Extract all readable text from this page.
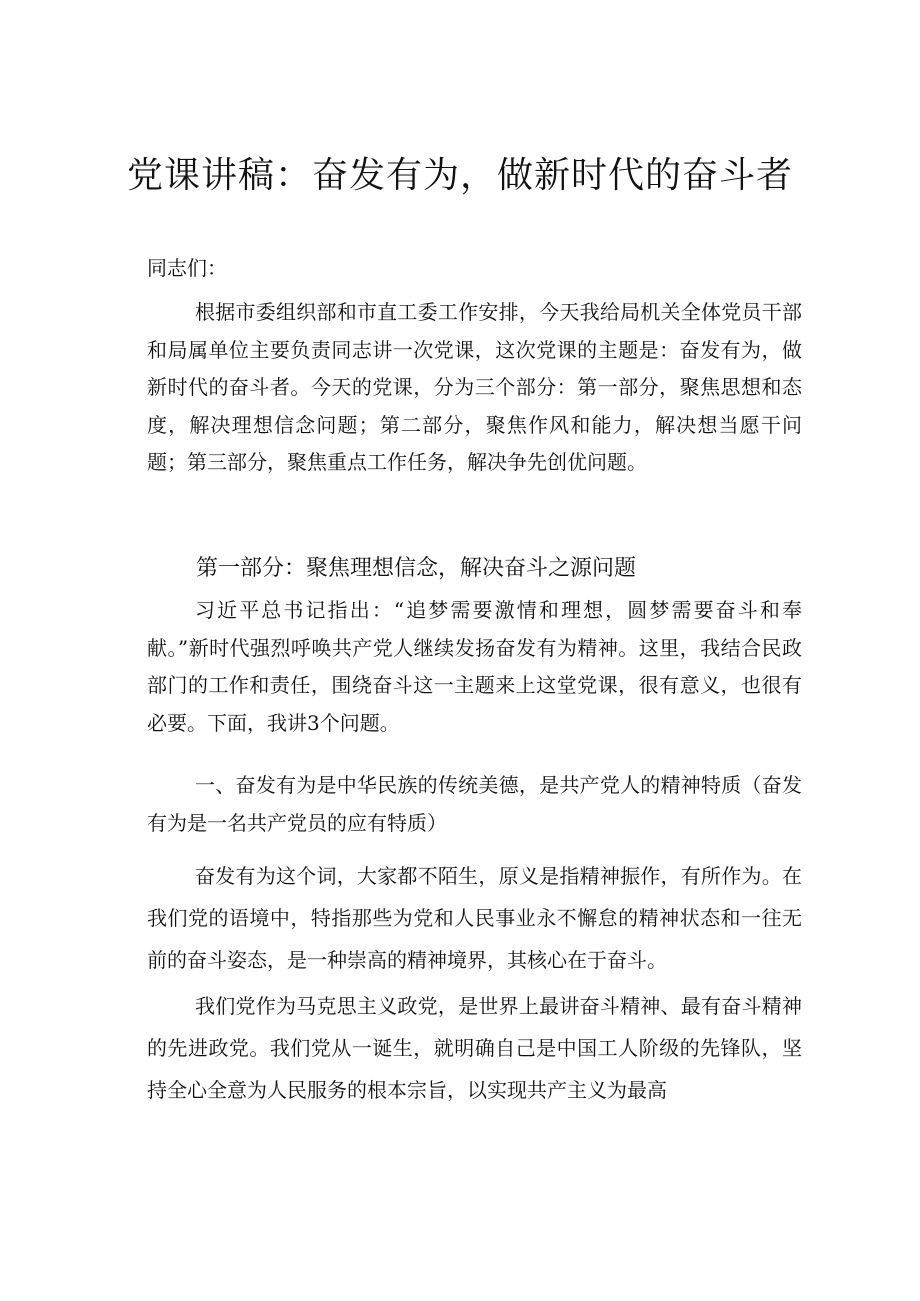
党课讲稿：奋发有为，做新时代的奋斗者
同志们：
根据市委组织部和市直工委工作安排，今天我给局机关全体党员干部和局属单位主要负责同志讲一次党课，这次党课的主题是：奋发有为，做新时代的奋斗者。今天的党课，分为三个部分：第一部分，聚焦思想和态度，解决理想信念问题；第二部分，聚焦作风和能力，解决想当愿干问题；第三部分，聚焦重点工作任务，解决争先创优问题。
第一部分：聚焦理想信念，解决奋斗之源问题
习近平总书记指出：“追梦需要激情和理想，圆梦需要奋斗和奉献。”新时代强烈呼唤共产党人继续发扬奋发有为精神。这里，我结合民政部门的工作和责任，围绕奋斗这一主题来上这堂党课，很有意义，也很有必要。下面，我讲3个问题。
一、奋发有为是中华民族的传统美德，是共产党人的精神特质（奋发有为是一名共产党员的应有特质）
奋发有为这个词，大家都不陌生，原义是指精神振作，有所作为。在我们党的语境中，特指那些为党和人民事业永不懈怠的精神状态和一往无前的奋斗姿态，是一种崇高的精神境界，其核心在于奋斗。
我们党作为马克思主义政党，是世界上最讲奋斗精神、最有奋斗精神的先进政党。我们党从一诞生，就明确自己是中国工人阶级的先锋队，坚持全心全意为人民服务的根本宗旨，以实现共产主义为最高
